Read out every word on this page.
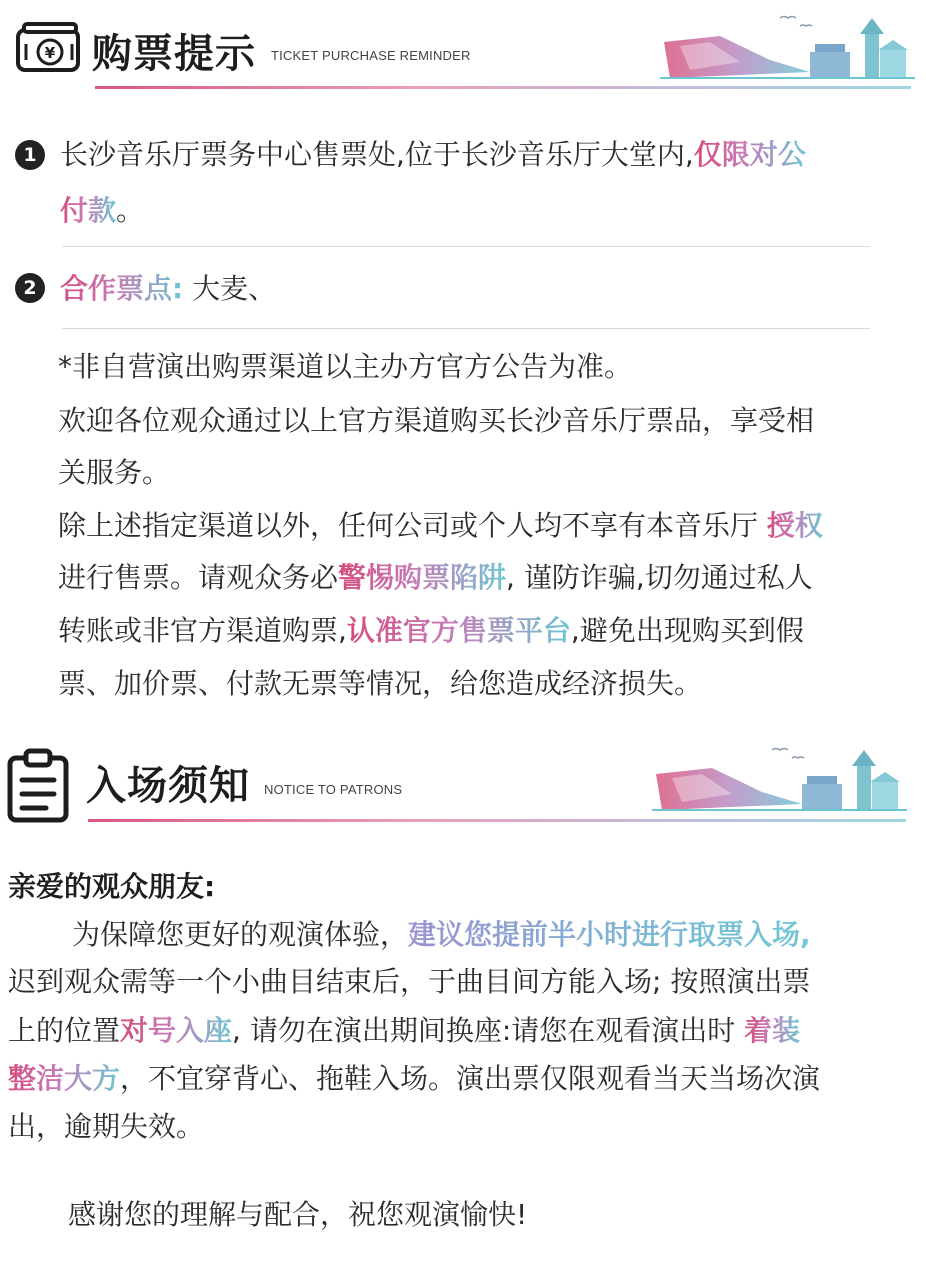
¥ 购票提示 TICKET PURCHASE REMINDER
1 长沙音乐厅票务中心售票处,位于长沙音乐厅大堂内,仅限对公
付款。
2 合作票点: 大麦、
*非自营演出购票渠道以主办方官方公告为准。
欢迎各位观众通过以上官方渠道购买长沙音乐厅票品，享受相
关服务。
除上述指定渠道以外，任何公司或个人均不享有本音乐厅 授权
进行售票。请观众务必警惕购票陷阱, 谨防诈骗,切勿通过私人
转账或非官方渠道购票,认准官方售票平台,避免出现购买到假
票、加价票、付款无票等情况，给您造成经济损失。
入场须知 NOTICE TO PATRONS
亲爱的观众朋友:
为保障您更好的观演体验，建议您提前半小时进行取票入场,
迟到观众需等一个小曲目结束后，于曲目间方能入场; 按照演出票
上的位置对号入座, 请勿在演出期间换座:请您在观看演出时 着装
整洁大方，不宜穿背心、拖鞋入场。演出票仅限观看当天当场次演
出，逾期失效。
感谢您的理解与配合，祝您观演愉快!
